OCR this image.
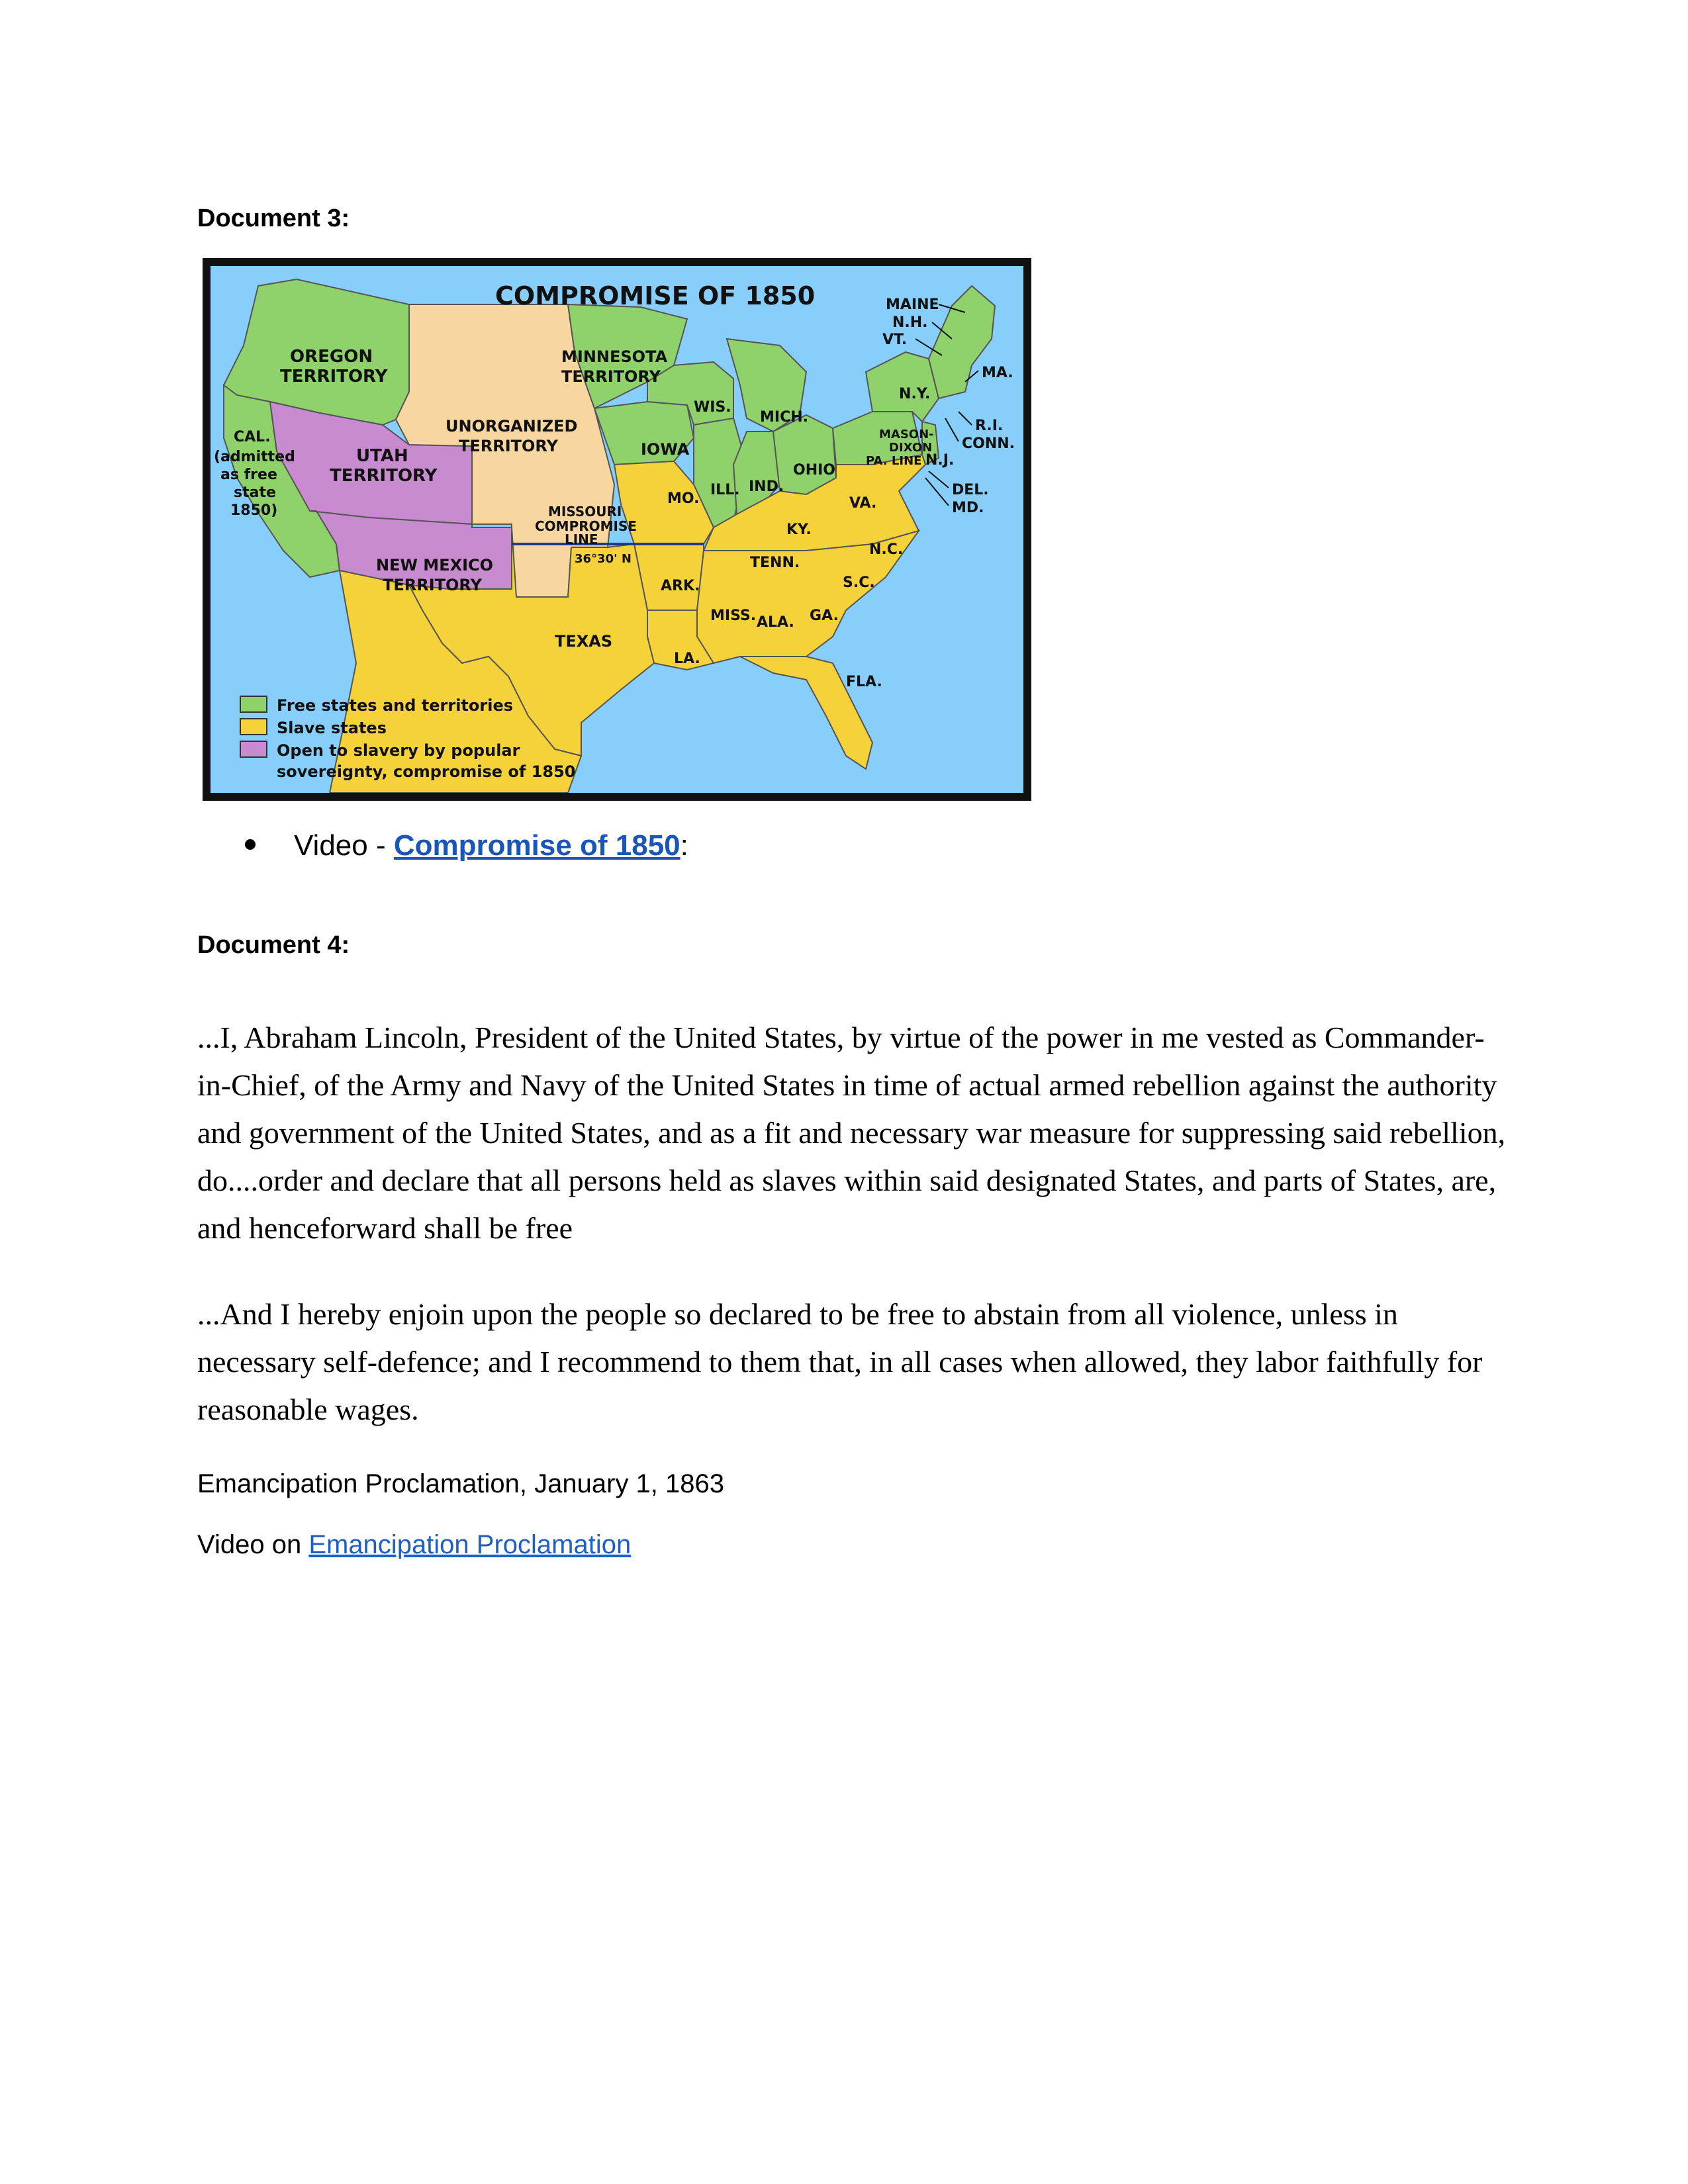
Document 3:
COMPROMISE OF 1850
OREGON
TERRITORY
MINNESOTA
TERRITORY
UNORGANIZED
TERRITORY
CAL.
(admitted
as free
state
1850)
UTAH
TERRITORY
NEW MEXICO
TERRITORY
TEXAS
IOWA
WIS.
MICH.
ILL. IND.
OHIO
MO.
KY.
TENN.
ARK.
MISS. ALA. GA.
LA.
FLA.
S.C.
N.C.
VA.
N.Y.
MASON-
DIXON
PA. LINE
MAINE
N.H.
VT.
MA.
R.I.
CONN.
N.J.
DEL.
MD.
MISSOURI
COMPROMISE
LINE
36°30' N
Free states and territories
Slave states
Open to slavery by popular
sovereignty, compromise of 1850
Video - Compromise of 1850:
Document 4:

...I, Abraham Lincoln, President of the United States, by virtue of the power in me vested as Commander-in-Chief, of the Army and Navy of the United States in time of actual armed rebellion against the authority and government of the United States, and as a fit and necessary war measure for suppressing said rebellion, do....order and declare that all persons held as slaves within said designated States, and parts of States, are, and henceforward shall be free

...And I hereby enjoin upon the people so declared to be free to abstain from all violence, unless in necessary self-defence; and I recommend to them that, in all cases when allowed, they labor faithfully for reasonable wages.

Emancipation Proclamation, January 1, 1863

Video on Emancipation Proclamation
